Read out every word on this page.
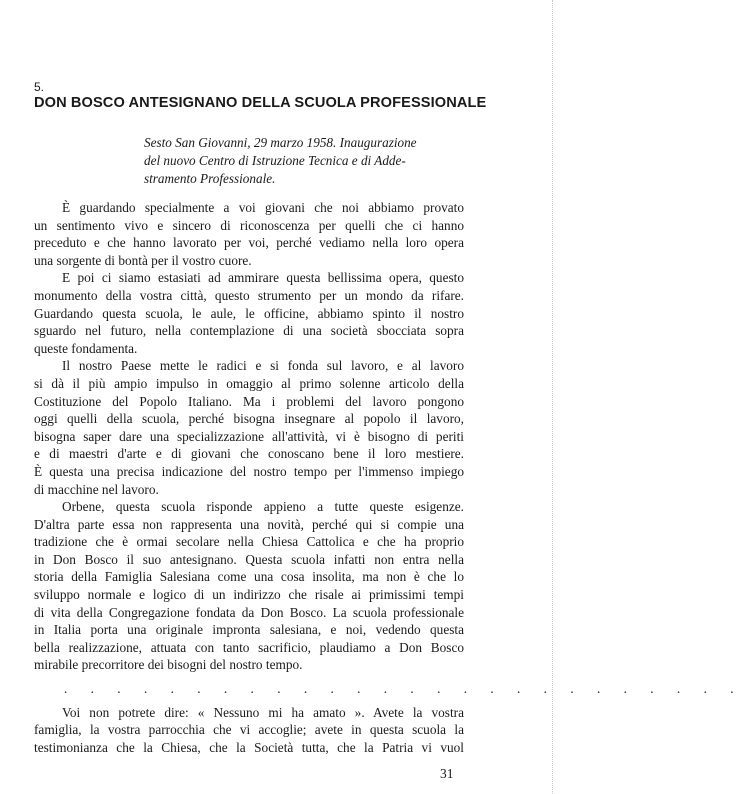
5.
DON BOSCO ANTESIGNANO DELLA SCUOLA PROFESSIONALE
Sesto San Giovanni, 29 marzo 1958. Inaugurazione
del nuovo Centro di Istruzione Tecnica e di Adde-
stramento Professionale.
È guardando specialmente a voi giovani che noi abbiamo provato
un sentimento vivo e sincero di riconoscenza per quelli che ci hanno
preceduto e che hanno lavorato per voi, perché vediamo nella loro opera
una sorgente di bontà per il vostro cuore.
E poi ci siamo estasiati ad ammirare questa bellissima opera, questo
monumento della vostra città, questo strumento per un mondo da rifare.
Guardando questa scuola, le aule, le officine, abbiamo spinto il nostro
sguardo nel futuro, nella contemplazione di una società sbocciata sopra
queste fondamenta.
Il nostro Paese mette le radici e si fonda sul lavoro, e al lavoro
si dà il più ampio impulso in omaggio al primo solenne articolo della
Costituzione del Popolo Italiano. Ma i problemi del lavoro pongono
oggi quelli della scuola, perché bisogna insegnare al popolo il lavoro,
bisogna saper dare una specializzazione all'attività, vi è bisogno di periti
e di maestri d'arte e di giovani che conoscano bene il loro mestiere.
È questa una precisa indicazione del nostro tempo per l'immenso impiego
di macchine nel lavoro.
Orbene, questa scuola risponde appieno a tutte queste esigenze.
D'altra parte essa non rappresenta una novità, perché qui si compie una
tradizione che è ormai secolare nella Chiesa Cattolica e che ha proprio
in Don Bosco il suo antesignano. Questa scuola infatti non entra nella
storia della Famiglia Salesiana come una cosa insolita, ma non è che lo
sviluppo normale e logico di un indirizzo che risale ai primissimi tempi
di vita della Congregazione fondata da Don Bosco. La scuola professionale
in Italia porta una originale impronta salesiana, e noi, vedendo questa
bella realizzazione, attuata con tanto sacrificio, plaudiamo a Don Bosco
mirabile precorritore dei bisogni del nostro tempo.
. . . . . . . . . . . . . . . . . . . . . . . . . .
Voi non potrete dire: « Nessuno mi ha amato ». Avete la vostra
famiglia, la vostra parrocchia che vi accoglie; avete in questa scuola la
testimonianza che la Chiesa, che la Società tutta, che la Patria vi vuol
31
